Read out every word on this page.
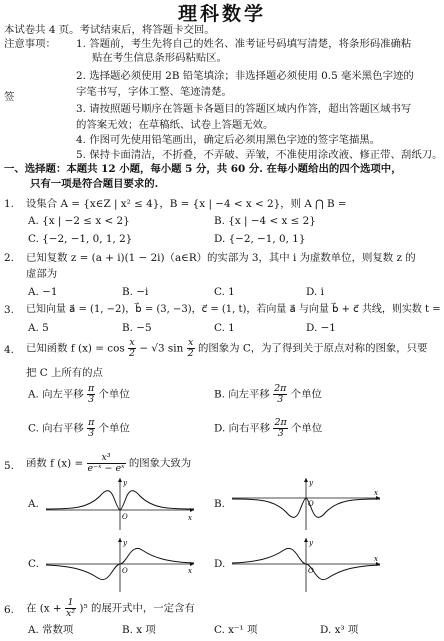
理科数学
本试卷共 4 页。考试结束后，将答题卡交回。
注意事项：
签
1. 答题前，考生先将自己的姓名、准考证号码填写清楚，将条形码准确粘
贴在考生信息条形码粘贴区。
2. 选择题必须使用 2B 铅笔填涂；非选择题必须使用 0.5 毫米黑色字迹的
字笔书写，字体工整、笔迹清楚。
3. 请按照题号顺序在答题卡各题目的答题区域内作答，超出答题区域书写
的答案无效；在草稿纸、试卷上答题无效。
4. 作图可先使用铅笔画出，确定后必须用黑色字迹的签字笔描黑。
5. 保持卡面清洁，不折叠，不弄破、弄皱，不准使用涂改液、修正带、刮纸刀。
一、选择题：本题共 12 小题，每小题 5 分，共 60 分. 在每小题给出的四个选项中，
只有一项是符合题目要求的.
1. 设集合 A = {x∈Z | x² ≤ 4}，B = {x | −4 < x < 2}，则 A ⋂ B =
A. {x | −2 ≤ x < 2}	B. {x | −4 < x ≤ 2}
C. {−2, −1, 0, 1, 2}	D. {−2, −1, 0, 1}
2. 已知复数 z = (a + i)(1 − 2i)（a∈R）的实部为 3，其中 i 为虚数单位，则复数 z 的
虚部为
A. −1	B. −i	C. 1	D. i
3. 已知向量 a⃗ = (1, −2)，b⃗ = (3, −3)，c⃗ = (1, t)，若向量 a⃗ 与向量 b⃗ + c⃗ 共线，则实数 t =
A. 5	B. −5	C. 1	D. −1
4. 已知函数 f $(x) = \cos \frac{x}{2} - √3$ $\sin \frac{x}{2}$ 的图象为 C，为了得到关于原点对称的图象，只要
把 C 上所有的点
A. 向左平移 $\frac{\pi}{3}$ 个单位	B. 向左平移 $\frac{2\pi}{3}$ 个单位
C. 向右平移 $\frac{\pi}{3}$ 个单位	D. 向右平移 $\frac{2\pi}{3}$ 个单位
5. 函数 f $(x) = \frac{\text{x³}}{\text{e⁻ˣ − eˣ}}$ 的图象大致为
A.	B.
C.	D.
y
x
O
y
x
O
y
x
O
y
x
O
6. 在 $(x + \frac{1}{\text{x²}} )^5$ 的展开式中，一定含有
A. 常数项	B. x 项	C. x⁻¹ 项	D. x³ 项
